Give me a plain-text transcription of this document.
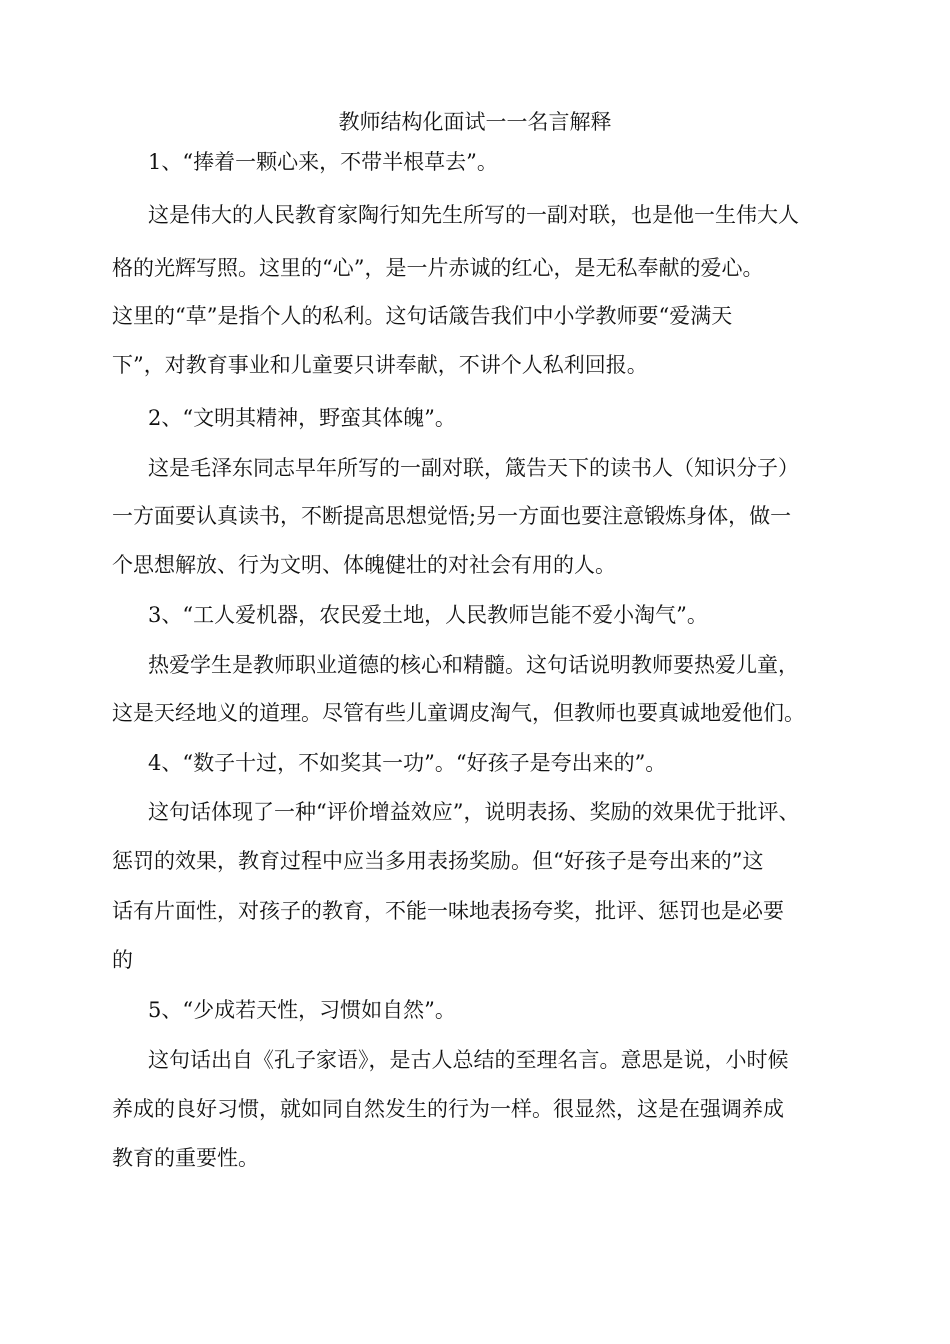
教师结构化面试一一名言解释
1、“捧着一颗心来，不带半根草去”。
这是伟大的人民教育家陶行知先生所写的一副对联，也是他一生伟大人
格的光辉写照。这里的“心”，是一片赤诚的红心，是无私奉献的爱心。
这里的“草”是指个人的私利。这句话箴告我们中小学教师要“爱满天
下”，对教育事业和儿童要只讲奉献，不讲个人私利回报。
2、“文明其精神，野蛮其体魄”。
这是毛泽东同志早年所写的一副对联，箴告天下的读书人（知识分子）
一方面要认真读书，不断提高思想觉悟;另一方面也要注意锻炼身体，做一
个思想解放、行为文明、体魄健壮的对社会有用的人。
3、“工人爱机器，农民爱土地，人民教师岂能不爱小淘气”。
热爱学生是教师职业道德的核心和精髓。这句话说明教师要热爱儿童，
这是天经地义的道理。尽管有些儿童调皮淘气，但教师也要真诚地爱他们。
4、“数子十过，不如奖其一功”。“好孩子是夸出来的”。
这句话体现了一种“评价增益效应”，说明表扬、奖励的效果优于批评、
惩罚的效果，教育过程中应当多用表扬奖励。但“好孩子是夸出来的”这
话有片面性，对孩子的教育，不能一味地表扬夸奖，批评、惩罚也是必要
的
5、“少成若天性，习惯如自然”。
这句话出自《孔子家语》，是古人总结的至理名言。意思是说，小时候
养成的良好习惯，就如同自然发生的行为一样。很显然，这是在强调养成
教育的重要性。
